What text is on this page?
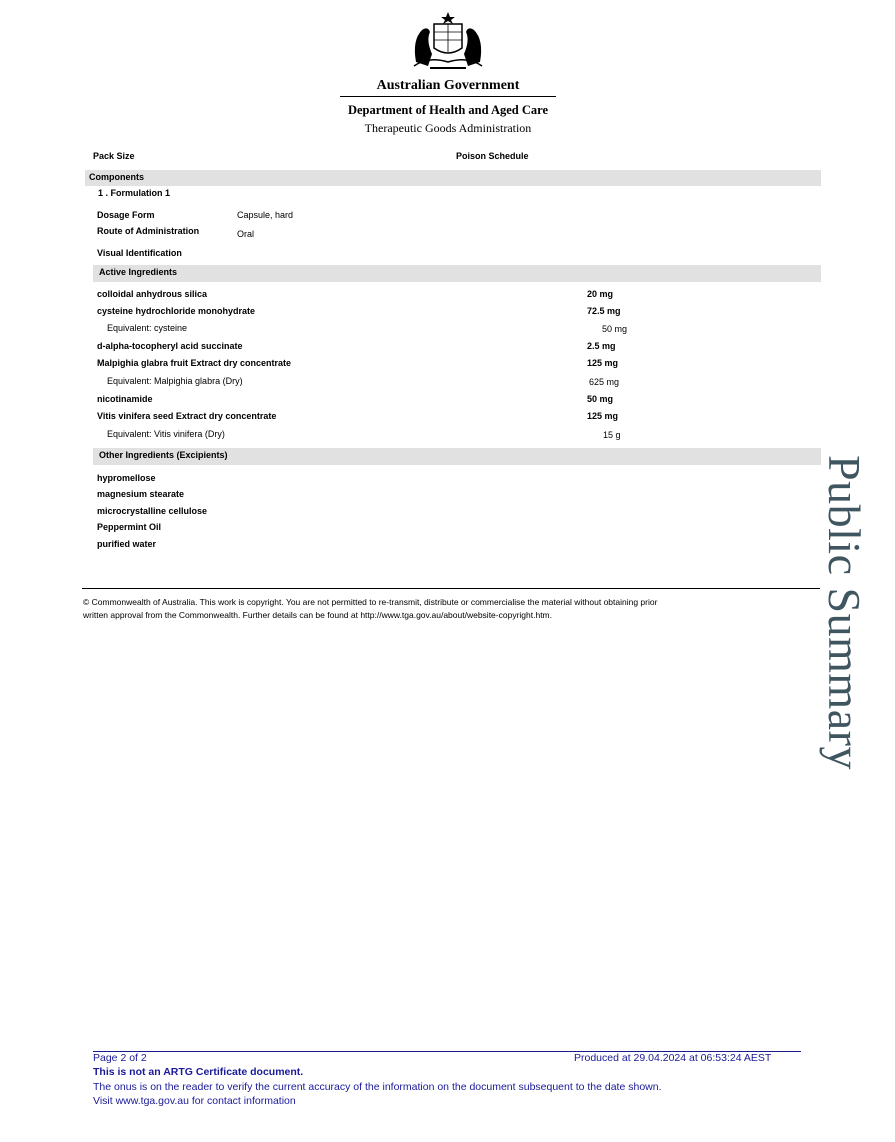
Australian Government
Department of Health and Aged Care
Therapeutic Goods Administration
Pack Size	Poison Schedule
Components
1 . Formulation 1
Dosage Form	Capsule, hard
Route of Administration	Oral
Visual Identification
Active Ingredients
colloidal anhydrous silica	20 mg
cysteine hydrochloride monohydrate	72.5 mg
Equivalent: cysteine	50 mg
d-alpha-tocopheryl acid succinate	2.5 mg
Malpighia glabra fruit Extract dry concentrate	125 mg
Equivalent: Malpighia glabra (Dry)	625 mg
nicotinamide	50 mg
Vitis vinifera seed Extract dry concentrate	125 mg
Equivalent: Vitis vinifera (Dry)	15 g
Other Ingredients (Excipients)
hypromellose
magnesium stearate
microcrystalline cellulose
Peppermint Oil
purified water
© Commonwealth of Australia. This work is copyright. You are not permitted to re-transmit, distribute or commercialise the material without obtaining prior
written approval from the Commonwealth. Further details can be found at http://www.tga.gov.au/about/website-copyright.htm.	Public Summary
Page 2 of 2	Produced at 29.04.2024 at 06:53:24 AEST
This is not an ARTG Certificate document.
The onus is on the reader to verify the current accuracy of the information on the document subsequent to the date shown.
Visit www.tga.gov.au for contact information
